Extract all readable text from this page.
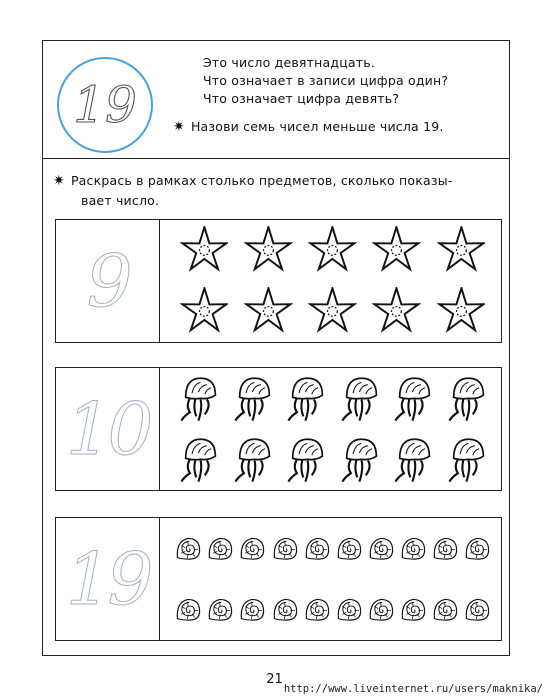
19
Это число девятнадцать.
Что означает в записи цифра один?
Что означает цифра девять?
✷ Назови семь чисел меньше числа 19.
✷ Раскрась в рамках столько предметов, сколько показы-
вает число.
9
10
19
21
http://www.liveinternet.ru/users/maknika/
